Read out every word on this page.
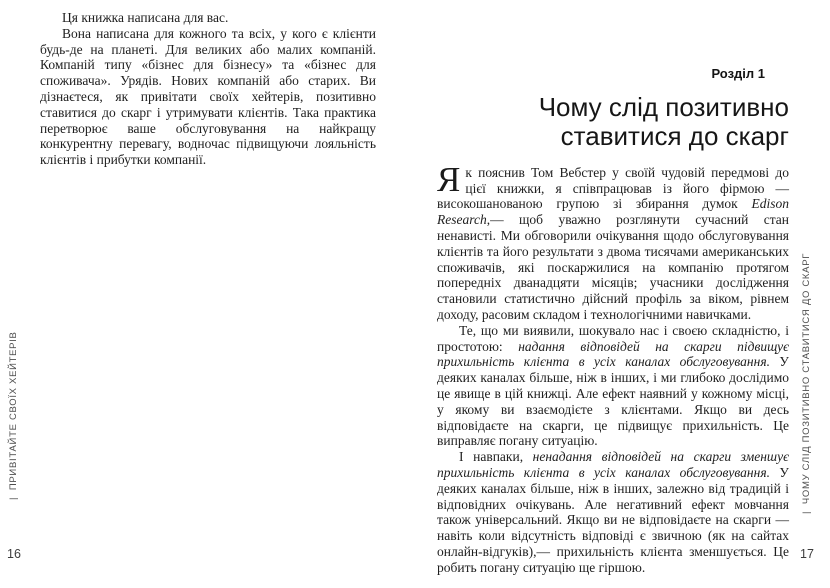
|  ПРИВІТАЙТЕ СВОЇХ ХЕЙТЕРІВ
16

Ця книжка написана для вас.

Вона написана для кожного та всіх, у кого є клієнти будь-де на планеті. Для великих або малих компаній. Компаній типу «бізнес для бізнесу» та «бізнес для споживача». Урядів. Нових компаній або старих. Ви дізнаєтеся, як привітати своїх хейтерів, позитивно ставитися до скарг і утримувати клієнтів. Така практика перетворює ваше обслуговування на найкращу конкурентну перевагу, водночас підвищуючи лояльність клієнтів і прибутки компанії.

Розділ 1
Чому слід позитивно ставитися до скарг

Як пояснив Том Вебстер у своїй чудовій передмові до цієї книжки, я співпрацював із його фірмою — високошанованою групою зі збирання думок Edison Research,— щоб уважно розглянути сучасний стан ненависті. Ми обговорили очікування щодо обслуговування клієнтів та його результати з двома тисячами американських споживачів, які поскаржилися на компанію протягом попередніх дванадцяти місяців; учасники дослідження становили статистично дійсний профіль за віком, рівнем доходу, расовим складом і технологічними навичками.

Те, що ми виявили, шокувало нас і своєю складністю, і простотою: надання відповідей на скарги підвищує прихильність клієнта в усіх каналах обслуговування. У деяких каналах більше, ніж в інших, і ми глибоко дослідимо це явище в цій книжці. Але ефект наявний у кожному місці, у якому ви взаємодієте з клієнтами. Якщо ви десь відповідаєте на скарги, це підвищує прихильність. Це виправляє погану ситуацію.

І навпаки, ненадання відповідей на скарги зменшує прихильність клієнта в усіх каналах обслуговування. У деяких каналах більше, ніж в інших, залежно від традицій і відповідних очікувань. Але негативний ефект мовчання також універсальний. Якщо ви не відповідаєте на скарги — навіть коли відсутність відповіді є звичною (як на сайтах онлайн-відгуків),— прихильність клієнта зменшується. Це робить погану ситуацію ще гіршою.

|  ЧОМУ СЛІД ПОЗИТИВНО СТАВИТИСЯ ДО СКАРГ
17
